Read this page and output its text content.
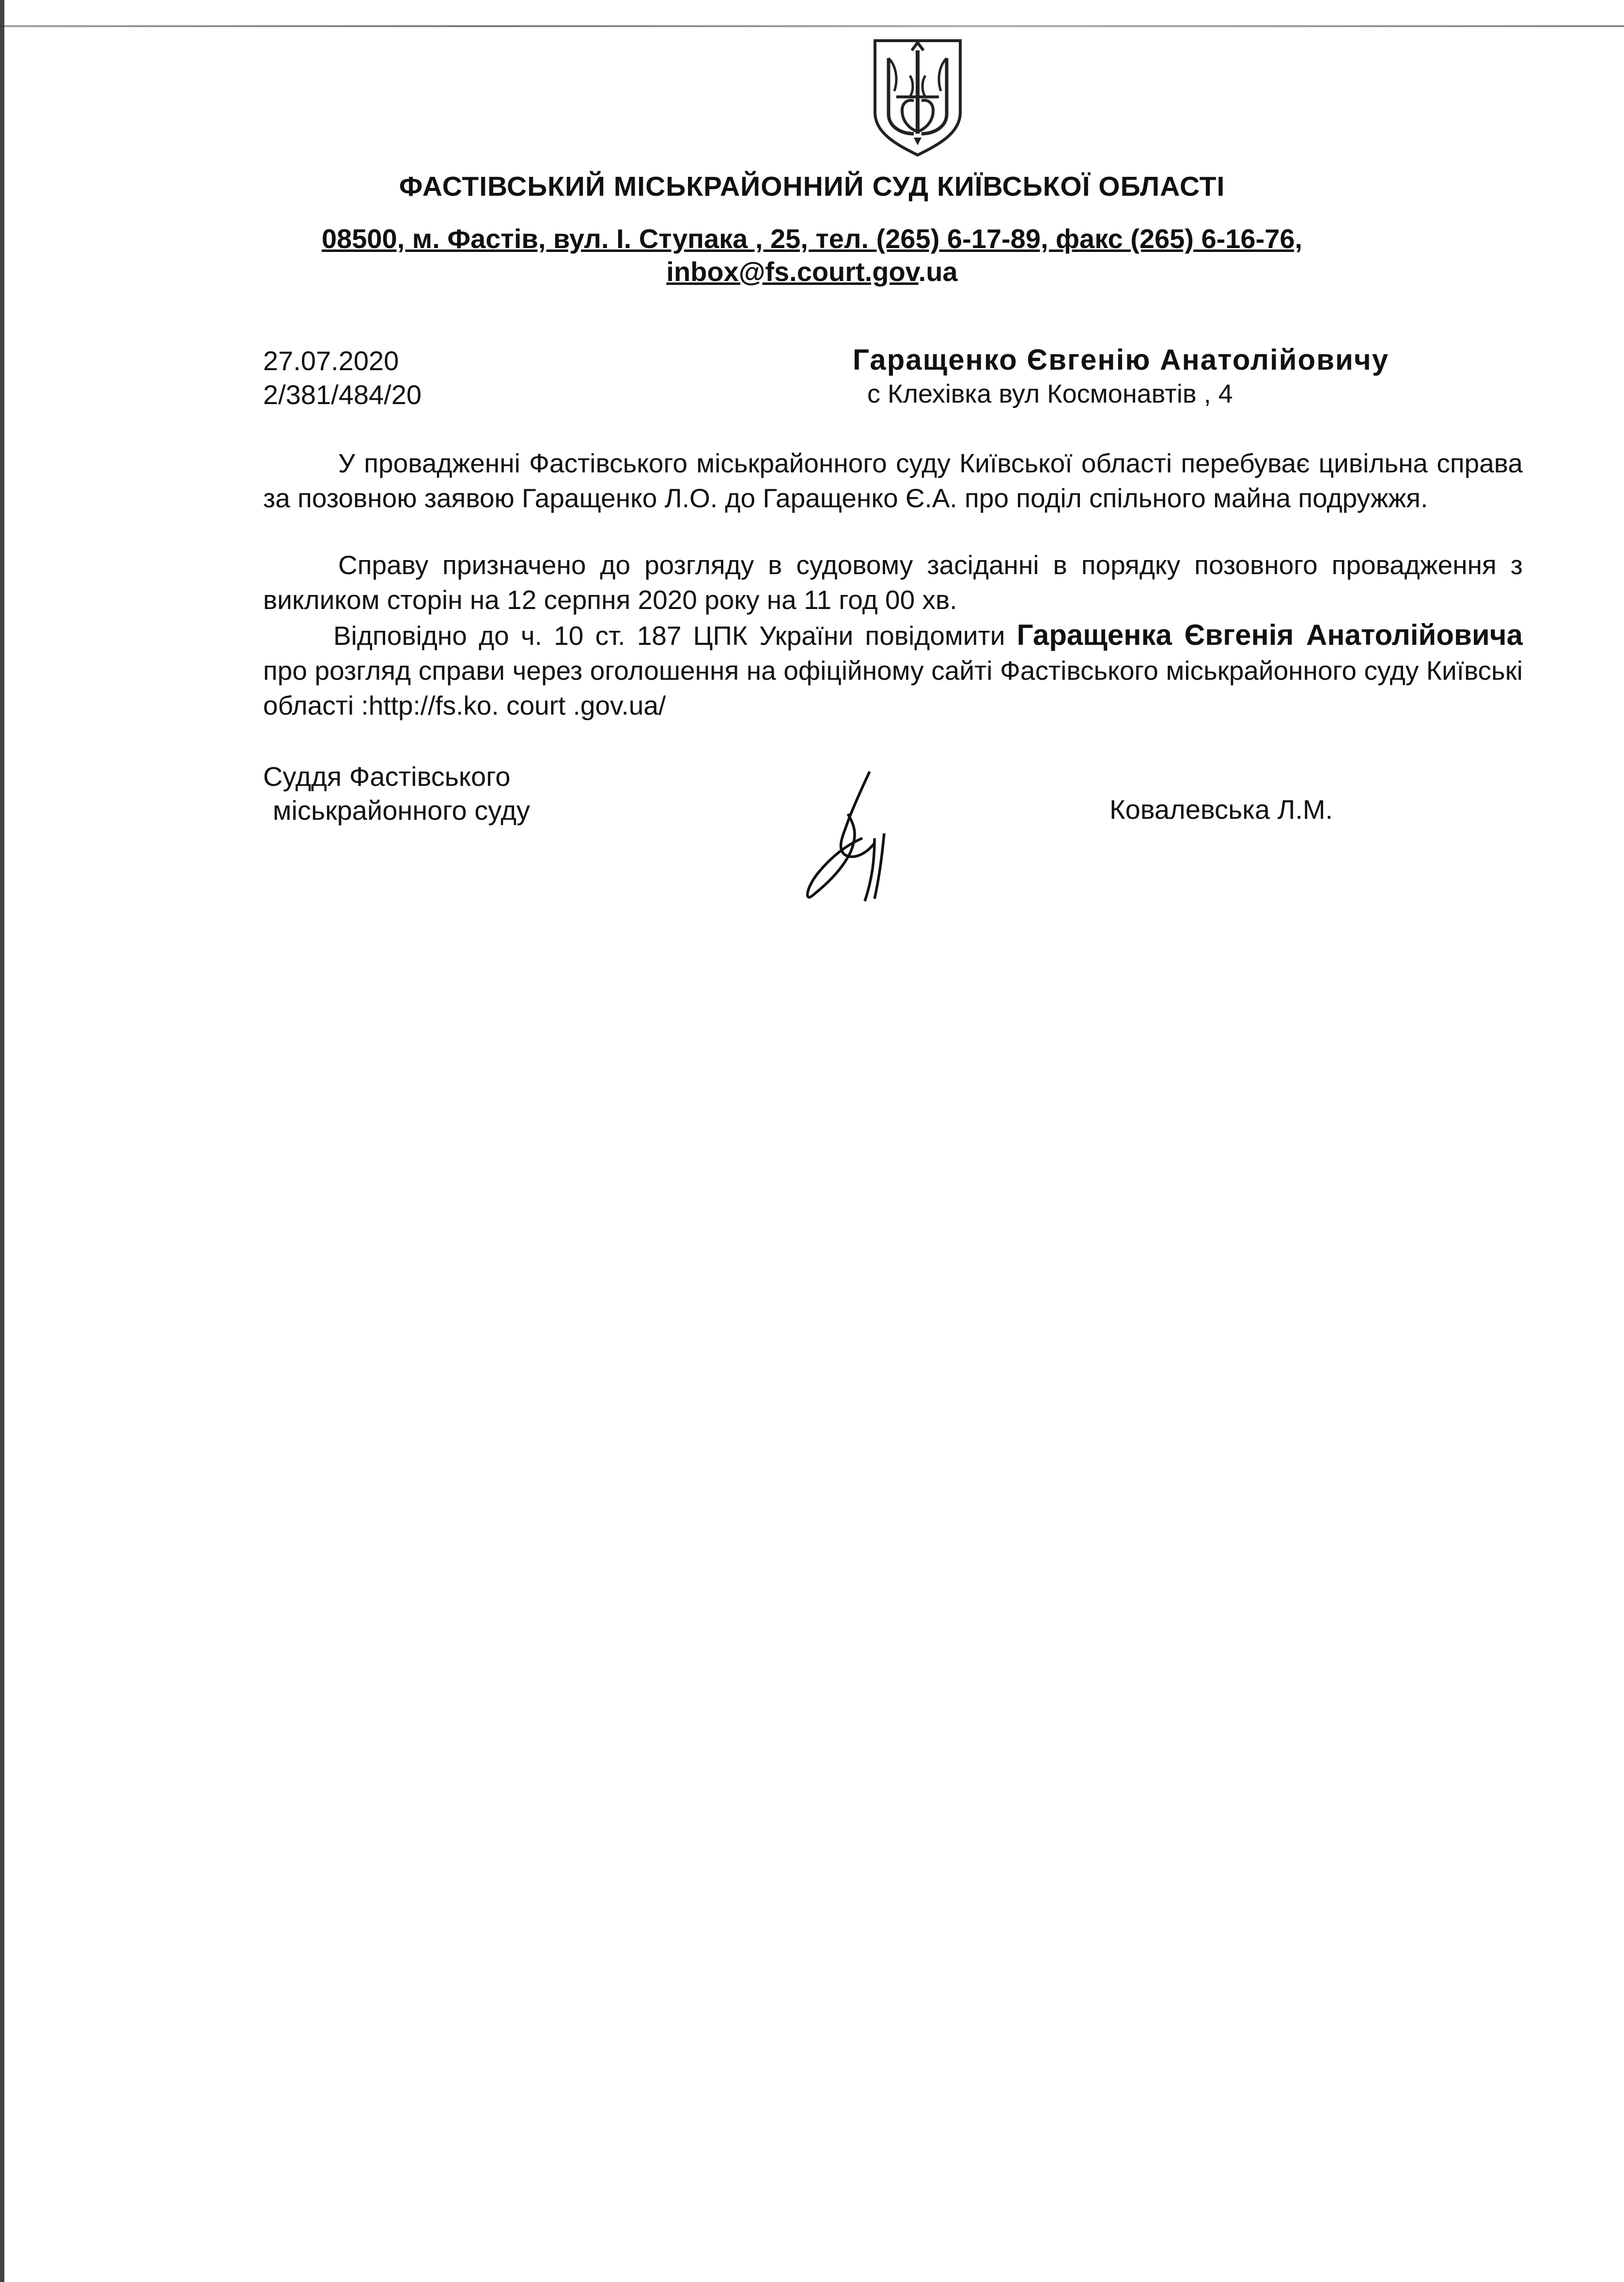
ФАСТІВСЬКИЙ МІСЬКРАЙОННИЙ СУД КИЇВСЬКОЇ ОБЛАСТІ
08500, м. Фастів, вул. І. Ступака , 25, тел. (265) 6-17-89, факс (265) 6-16-76,
inbox@fs.court.gov.ua
27.07.2020
2/381/484/20
Гаращенко Євгенію Анатолійовичу
с Клехівка вул Космонавтів , 4
У провадженні Фастівського міськрайонного суду Київської області перебуває цивільна справа за позовною заявою Гаращенко Л.О. до Гаращенко Є.А. про поділ спільного майна подружжя.
Справу призначено до розгляду в судовому засіданні в порядку позовного провадження з викликом сторін на 12 серпня 2020 року на 11 год 00 хв.
Відповідно до ч. 10 ст. 187 ЦПК України повідомити Гаращенка Євгенія Анатолійовича про розгляд справи через оголошення на офіційному сайті Фастівського міськрайонного суду Київські області :http://fs.ko. court .gov.ua/
Суддя Фастівського
міськрайонного суду	Ковалевська Л.М.
